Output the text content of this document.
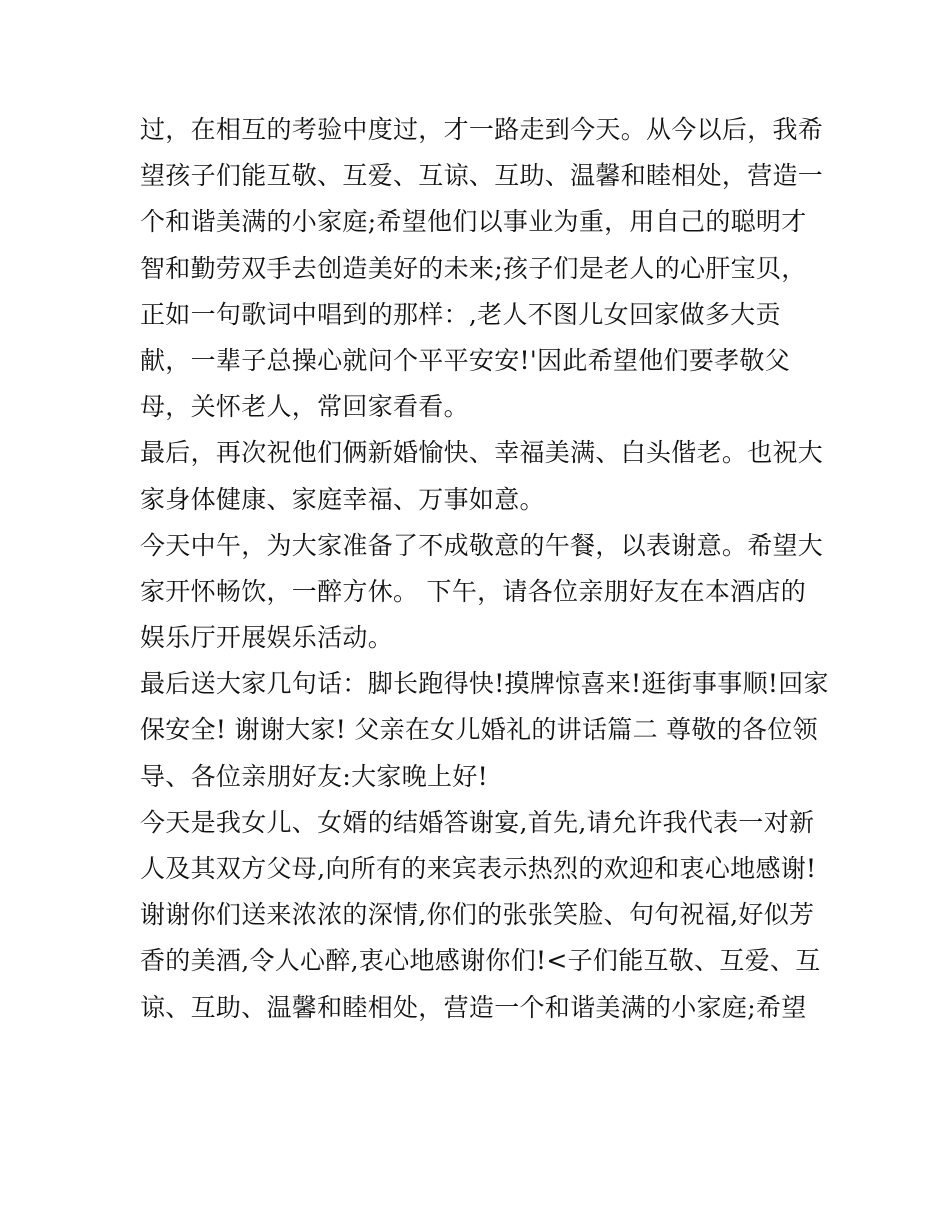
过，在相互的考验中度过，才一路走到今天。从今以后，我希
望孩子们能互敬、互爱、互谅、互助、温馨和睦相处，营造一
个和谐美满的小家庭;希望他们以事业为重，用自己的聪明才
智和勤劳双手去创造美好的未来;孩子们是老人的心肝宝贝，
正如一句歌词中唱到的那样：,老人不图儿女回家做多大贡
献，一辈子总操心就问个平平安安!'因此希望他们要孝敬父
母，关怀老人，常回家看看。
最后，再次祝他们俩新婚愉快、幸福美满、白头偕老。也祝大
家身体健康、家庭幸福、万事如意。
今天中午，为大家准备了不成敬意的午餐，以表谢意。希望大
家开怀畅饮，一醉方休。 下午，请各位亲朋好友在本酒店的
娱乐厅开展娱乐活动。
最后送大家几句话：脚长跑得快!摸牌惊喜来!逛街事事顺!回家
保安全! 谢谢大家! 父亲在女儿婚礼的讲话篇二 尊敬的各位领
导、各位亲朋好友:大家晚上好!
今天是我女儿、女婿的结婚答谢宴,首先,请允许我代表一对新
人及其双方父母,向所有的来宾表示热烈的欢迎和衷心地感谢!
谢谢你们送来浓浓的深情,你们的张张笑脸、句句祝福,好似芳
香的美酒,令人心醉,衷心地感谢你们!<子们能互敬、互爱、互
谅、互助、温馨和睦相处，营造一个和谐美满的小家庭;希望
